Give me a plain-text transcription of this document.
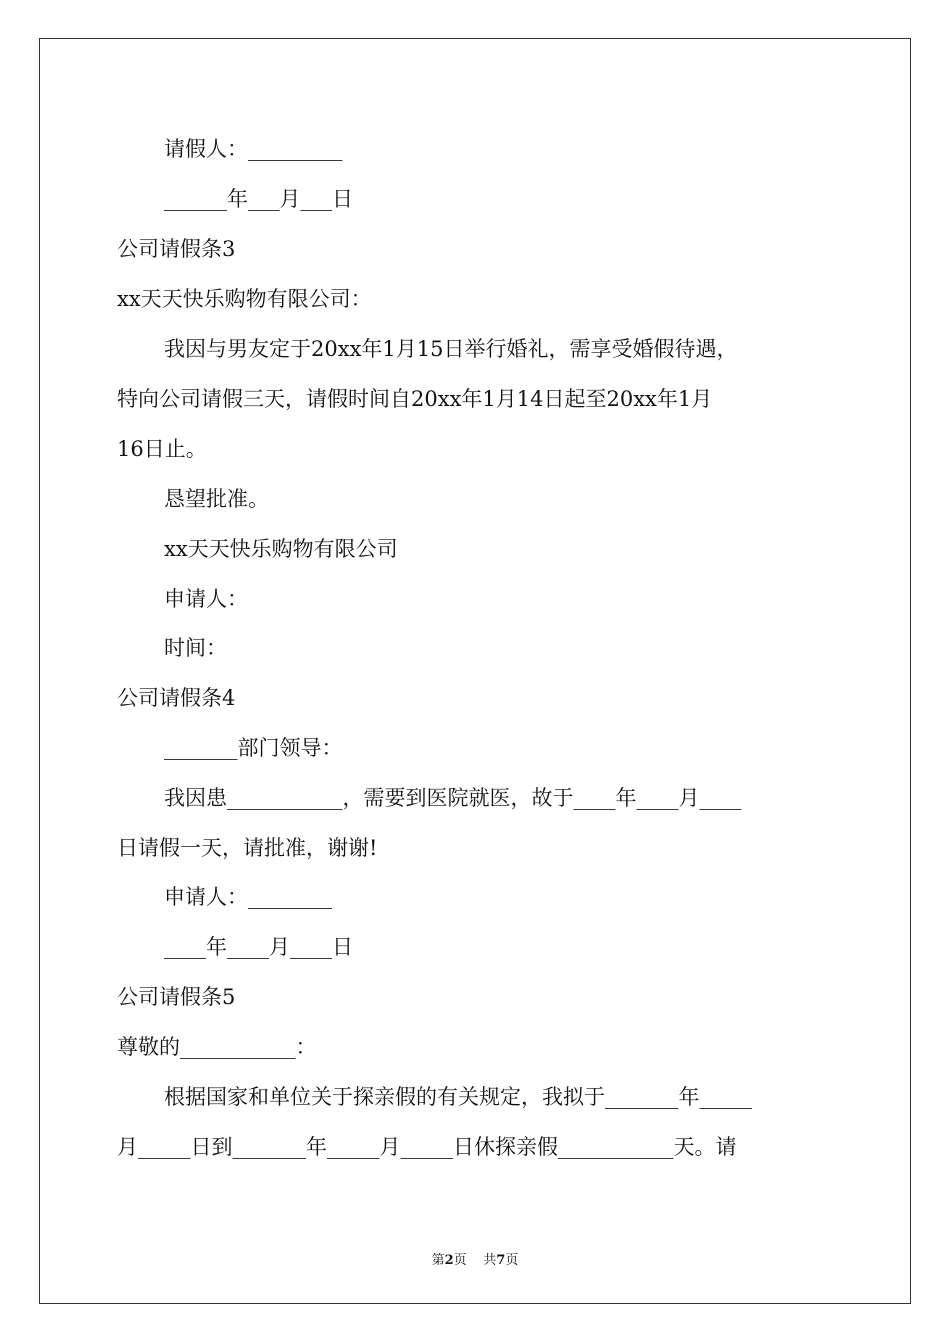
请假人：_________
______年___月___日
公司请假条3
xx天天快乐购物有限公司：
我因与男友定于20xx年1月15日举行婚礼，需享受婚假待遇，
特向公司请假三天，请假时间自20xx年1月14日起至20xx年1月
16日止。
恳望批准。
xx天天快乐购物有限公司
申请人：
时间：
公司请假条4
_______部门领导：
我因患___________，需要到医院就医，故于____年____月____
日请假一天，请批准，谢谢!
申请人：________
____年____月____日
公司请假条5
尊敬的___________：
根据国家和单位关于探亲假的有关规定，我拟于_______年_____
月_____日到_______年_____月_____日休探亲假___________天。请
第2页 共7页
